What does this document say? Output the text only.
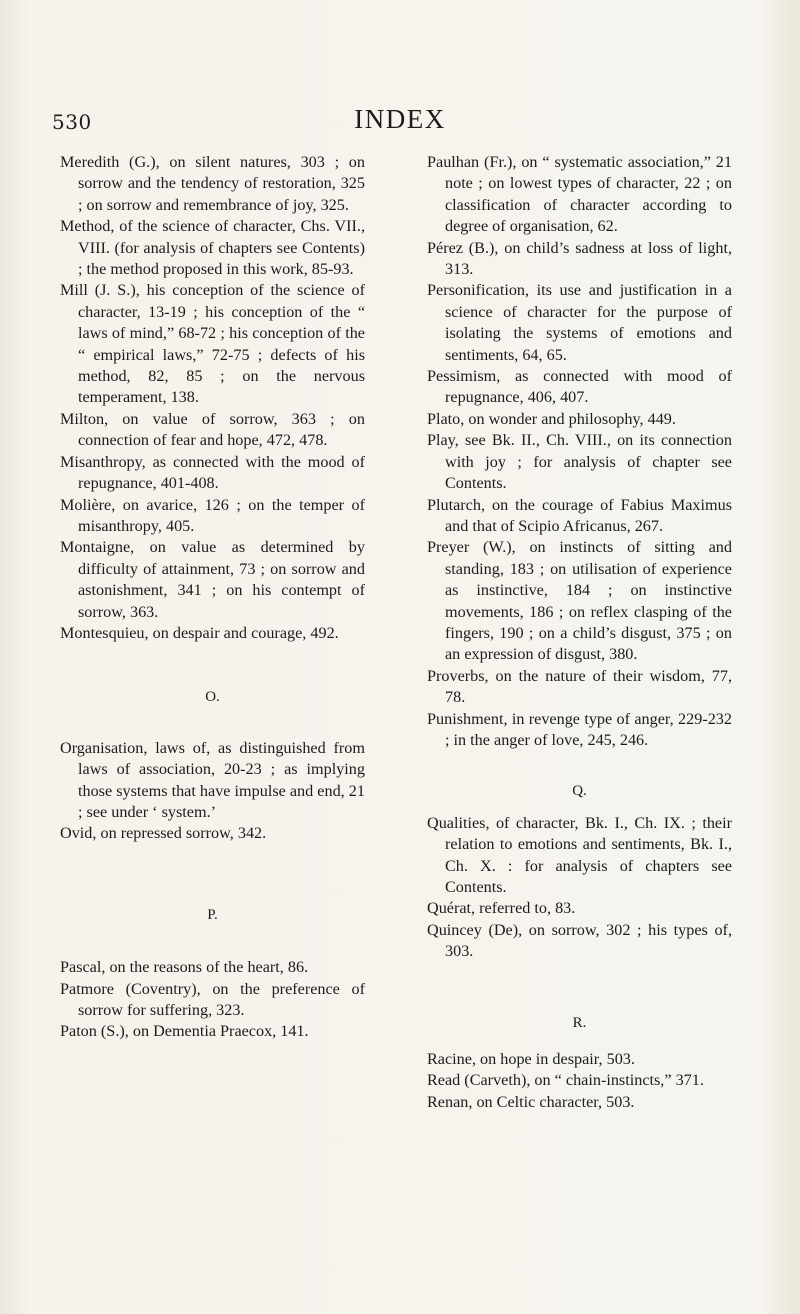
530	INDEX

Meredith (G.), on silent natures, 303 ; on sorrow and the tendency of restoration, 325 ; on sorrow and remembrance of joy, 325.

Method, of the science of character, Chs. VII., VIII. (for analysis of chapters see Contents) ; the method proposed in this work, 85-93.

Mill (J. S.), his conception of the science of character, 13-19 ; his conception of the “ laws of mind,” 68-72 ; his conception of the “ empirical laws,” 72-75 ; defects of his method, 82, 85 ; on the nervous temperament, 138.

Milton, on value of sorrow, 363 ; on connection of fear and hope, 472, 478.

Misanthropy, as connected with the mood of repugnance, 401-408.

Molière, on avarice, 126 ; on the temper of misanthropy, 405.

Montaigne, on value as determined by difficulty of attainment, 73 ; on sorrow and astonishment, 341 ; on his contempt of sorrow, 363.

Montesquieu, on despair and courage, 492.

O.

Organisation, laws of, as distinguished from laws of association, 20-23 ; as implying those systems that have impulse and end, 21 ; see under ‘ system.’

Ovid, on repressed sorrow, 342.

P.

Pascal, on the reasons of the heart, 86.

Patmore (Coventry), on the preference of sorrow for suffering, 323.

Paton (S.), on Dementia Praecox, 141.

Paulhan (Fr.), on “ systematic association,” 21 note ; on lowest types of character, 22 ; on classification of character according to degree of organisation, 62.

Pérez (B.), on child’s sadness at loss of light, 313.

Personification, its use and justification in a science of character for the purpose of isolating the systems of emotions and sentiments, 64, 65.

Pessimism, as connected with mood of repugnance, 406, 407.

Plato, on wonder and philosophy, 449.

Play, see Bk. II., Ch. VIII., on its connection with joy ; for analysis of chapter see Contents.

Plutarch, on the courage of Fabius Maximus and that of Scipio Africanus, 267.

Preyer (W.), on instincts of sitting and standing, 183 ; on utilisation of experience as instinctive, 184 ; on instinctive movements, 186 ; on reflex clasping of the fingers, 190 ; on a child’s disgust, 375 ; on an expression of disgust, 380.

Proverbs, on the nature of their wisdom, 77, 78.

Punishment, in revenge type of anger, 229-232 ; in the anger of love, 245, 246.

Q.

Qualities, of character, Bk. I., Ch. IX. ; their relation to emotions and sentiments, Bk. I., Ch. X. : for analysis of chapters see Contents.

Quérat, referred to, 83.

Quincey (De), on sorrow, 302 ; his types of, 303.

R.

Racine, on hope in despair, 503.

Read (Carveth), on “ chain-instincts,” 371.

Renan, on Celtic character, 503.
